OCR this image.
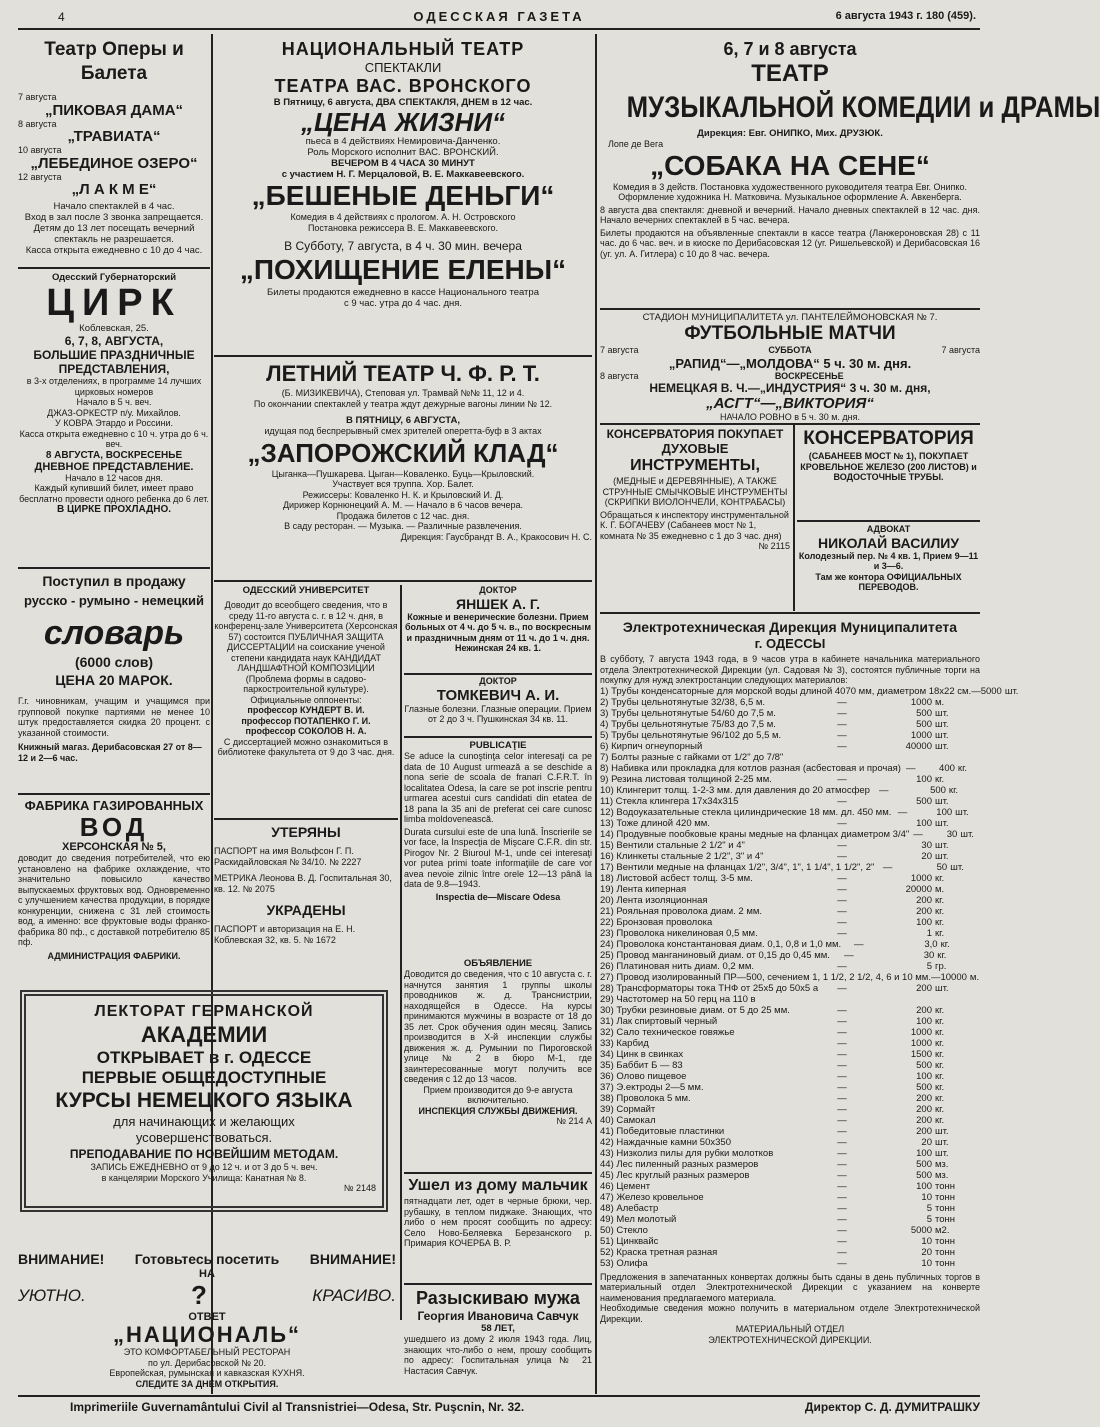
4	ОДЕССКАЯ ГАЗЕТА	6 августа 1943 г. 180 (459).
Театр Оперы и Балета
7 августа
„ПИКОВАЯ ДАМА“
8 августа
„ТРАВИАТА“
10 августа
„ЛЕБЕДИНОЕ ОЗЕРО“
12 августа
„Л А К М Е“
Начало спектаклей в 4 час.
Вход в зал после 3 звонка запрещается.
Детям до 13 лет посещать вечерний спектакль не разрешается.
Касса открыта ежедневно с 10 до 4 час.
Одесский Губернаторский
ЦИРК
Коблевская, 25.
6, 7, 8, АВГУСТА,
БОЛЬШИЕ ПРАЗДНИЧНЫЕ ПРЕДСТАВЛЕНИЯ,
в 3-х отделениях, в программе 14 лучших цирковых номеров
Начало в 5 ч. веч.
ДЖАЗ-ОРКЕСТР п/у. Михайлов.
У КОВРА Этардо и Россини.
Касса открыта ежедневно с 10 ч. утра до 6 ч. веч.
8 АВГУСТА, ВОСКРЕСЕНЬЕ
ДНЕВНОЕ ПРЕДСТАВЛЕНИЕ.
Начало в 12 часов дня.
Каждый купивший билет, имеет право бесплатно провести одного ребенка до 6 лет.
В ЦИРКЕ ПРОХЛАДНО.
Поступил в продажу
русско - румыно - немецкий
словарь
(6000 слов)
ЦЕНА 20 МАРОК.
Г.г. чиновникам, учащим и учащимся при групповой покупке партиями не менее 10 штук предоставляется скидка 20 процент. с указанной стоимости.
Книжный магаз. Дерибасовская 27 от 8—12 и 2—6 час.
ФАБРИКА ГАЗИРОВАННЫХ
ВОД
ХЕРСОНСКАЯ № 5,
доводит до сведения потребителей, что ею установлено на фабрике охлаждение, что значительно повысило качество выпускаемых фруктовых вод. Одновременно с улучшением качества продукции, в порядке конкуренции, снижена с 31 лей стоимость вод, а именно: все фруктовые воды франко-фабрика 80 пф., с доставкой потребителю 85 пф.
АДМИНИСТРАЦИЯ ФАБРИКИ.
НАЦИОНАЛЬНЫЙ ТЕАТР
СПЕКТАКЛИ
ТЕАТРА ВАС. ВРОНСКОГО
В Пятницу, 6 августа, ДВА СПЕКТАКЛЯ, ДНЕМ в 12 час.
„ЦЕНА ЖИЗНИ“
пьеса в 4 действиях Немировича-Данченко.
Роль Морского исполнит ВАС. ВРОНСКИЙ.
ВЕЧЕРОМ В 4 ЧАСА 30 МИНУТ
с участием Н. Г. Мерцаловой, В. Е. Маккавеевского.
„БЕШЕНЫЕ ДЕНЬГИ“
Комедия в 4 действиях с прологом. А. Н. Островского
Постановка режиссера В. Е. Маккавеевского.
В Субботу, 7 августа, в 4 ч. 30 мин. вечера
„ПОХИЩЕНИЕ ЕЛЕНЫ“
Билеты продаются ежедневно в кассе Национального театра
с 9 час. утра до 4 час. дня.
ЛЕТНИЙ ТЕАТР Ч. Ф. Р. Т.
(Б. МИЗИКЕВИЧА), Степовая ул. Трамвай №№ 11, 12 и 4.
По окончании спектаклей у театра ждут дежурные вагоны линии № 12.
В ПЯТНИЦУ, 6 АВГУСТА,
идущая под беспрерывный смех зрителей оперетта-буф в 3 актах
„ЗАПОРОЖСКИЙ КЛАД“
Цыганка—Пушкарева. Цыган—Коваленко. Буць—Крыловский.
Участвует вся труппа. Хор. Балет.
Режиссеры: Коваленко Н. К. и Крыловский И. Д.
Дирижер Корнюнецкий А. М. — Начало в 6 часов вечера.
Продажа билетов с 12 час. дня.
В саду ресторан. — Музыка. — Различные развлечения.
Дирекция: Гаусбрандт В. А., Кракосович Н. С.
ОДЕССКИЙ УНИВЕРСИТЕТ
Доводит до всеобщего сведения, что в среду 11-го августа с. г. в 12 ч. дня, в конференц-зале Университета (Херсонская 57) состоится ПУБЛИЧНАЯ ЗАЩИТА ДИССЕРТАЦИИ на соискание ученой степени кандидата наук КАНДИДАТ ЛАНДШАФТНОЙ КОМПОЗИЦИИ (Проблема формы в садово-паркостроительной культуре). Официальные оппоненты:
профессор КУНДЕРТ В. И.
профессор ПОТАПЕНКО Г. И.
профессор СОКОЛОВ Н. А.
С диссертацией можно ознакомиться в библиотеке факультета от 9 до 3 час. дня.
УТЕРЯНЫ
ПАСПОРТ на имя Вольфсон Г. П. Раскидайловская № 34/10. № 2227
МЕТРИКА Леонова В. Д. Госпитальная 30, кв. 12. № 2075
УКРАДЕНЫ
ПАСПОРТ и авторизация на Е. Н. Коблевская 32, кв. 5. № 1672
ДОКТОР
ЯНШЕК А. Г.
Кожные и венерические болезни. Прием больных от 4 ч. до 5 ч. в., по воскресным и праздничным дням от 11 ч. до 1 ч. дня. Нежинская 24 кв. 1.
ДОКТОР
ТОМКЕВИЧ А. И.
Глазные болезни. Глазные операции. Прием от 2 до 3 ч. Пушкинская 34 кв. 11.
PUBLICAŢIE
Se aduce la cunoştinţa celor interesaţi ca pe data de 10 August urmează a se deschide a nona serie de scoala de franari C.F.R.T. în localitatea Odesa, la care se pot inscrie pentru urmarea acestui curs candidati din etatea de 18 pana la 35 ani de preferat cei care cunosc limba moldovenească.
Durata cursului este de una lună. Înscrierile se vor face, la Inspecţia de Mişcare C.F.R. din str. Pirogov Nr. 2 Biuroul M-1, unde cei interesaţi vor putea primi toate informaţiile de care vor avea nevoie zilnic între orele 12—13 până la data de 9.8—1943.
Inspectia de—Miscare Odesa
ОБЪЯВЛЕНИЕ
Доводится до сведения, что с 10 августа с. г. начнутся занятия 1 группы школы проводников ж. д. Транснистрии, находящейся в Одессе. На курсы принимаются мужчины в возрасте от 18 до 35 лет. Срок обучения один месяц. Запись производится в Х-й инспекции службы движения ж. д. Румынии по Пироговской улице № 2 в бюро М-1, где заинтересованные могут получить все сведения с 12 до 13 часов.
Прием производится до 9-е августа включительно.
ИНСПЕКЦИЯ СЛУЖБЫ ДВИЖЕНИЯ.
№ 214 А
Ушел из дому мальчик
пятнадцати лет, одет в черные брюки, чер. рубашку, в теплом пиджаке. Знающих, что либо о нем просят сообщить по адресу: Село Ново-Беляевка Березанского р. Примария КОЧЕРБА В. Р.
Разыскиваю мужа
Георгия Ивановича Савчук
58 ЛЕТ,
ушедшего из дому 2 июля 1943 года. Лиц, знающих что-либо о нем, прошу сообщить по адресу: Госпитальная улица № 21 Настасия Савчук.
ЛЕКТОРАТ ГЕРМАНСКОЙ
АКАДЕМИИ
ОТКРЫВАЕТ в г. ОДЕССЕ
ПЕРВЫЕ ОБЩЕДОСТУПНЫЕ
КУРСЫ НЕМЕЦКОГО ЯЗЫКА
для начинающих и желающих
усовершенствоваться.
ПРЕПОДАВАНИЕ ПО НОВЕЙШИМ МЕТОДАМ.
ЗАПИСЬ ЕЖЕДНЕВНО от 9 до 12 ч. и от 3 до 5 ч. веч.
в канцелярии Морского Училища: Канатная № 8.
№ 2148
ВНИМАНИЕ! Готовьтесь посетить ВНИМАНИЕ!
НА
УЮТНО.	?	КРАСИВО.
ОТВЕТ
„НАЦИОНАЛЬ“
ЭТО КОМФОРТАБЕЛЬНЫЙ РЕСТОРАН
по ул. Дерибасовской № 20.
Европейская, румынская и кавказская КУХНЯ.
СЛЕДИТЕ ЗА ДНЕМ ОТКРЫТИЯ.
6, 7 и 8 августа
ТЕАТР
МУЗЫКАЛЬНОЙ КОМЕДИИ и ДРАМЫ
Дирекция: Евг. ОНИПКО, Мих. ДРУЗЮК.
Лопе де Вега
„СОБАКА НА СЕНЕ“
Комедия в 3 действ. Постановка художественного руководителя театра Евг. Онипко. Оформление художника Н. Матковича. Музыкальное оформление А. Авкенберга.
8 августа два спектакля: дневной и вечерний. Начало дневных спектаклей в 12 час. дня. Начало вечерних спектаклей в 5 час. вечера.
Билеты продаются на объявленные спектакли в кассе театра (Ланжероновская 28) с 11 час. до 6 час. веч. и в киоске по Дерибасовская 12 (уг. Ришельевской) и Дерибасовская 16 (уг. ул. А. Гитлера) с 10 до 8 час. вечера.
СТАДИОН МУНИЦИПАЛИТЕТА ул. ПАНТЕЛЕЙМОНОВСКАЯ № 7.
ФУТБОЛЬНЫЕ МАТЧИ
7 августа	СУББОТА	7 августа
„РАПИД“—„МОЛДОВА“ 5 ч. 30 м. дня.
8 августа	ВОСКРЕСЕНЬЕ
НЕМЕЦКАЯ В. Ч.—„ИНДУСТРИЯ“ 3 ч. 30 м. дня,
„АСГТ“—„ВИКТОРИЯ“
НАЧАЛО РОВНО в 5 ч. 30 м. дня.
КОНСЕРВАТОРИЯ ПОКУПАЕТ
ДУХОВЫЕ
ИНСТРУМЕНТЫ,
(МЕДНЫЕ и ДЕРЕВЯННЫЕ), А ТАКЖЕ СТРУННЫЕ СМЫЧКОВЫЕ ИНСТРУМЕНТЫ (СКРИПКИ ВИОЛОНЧЕЛИ, КОНТРАБАСЫ)
Обращаться к инспектору инструментальной К. Г. БОГАЧЕВУ (Сабанеев мост № 1, комната № 35 ежедневно с 1 до 3 час. дня)
№ 2115
КОНСЕРВАТОРИЯ
(САБАНЕЕВ МОСТ № 1), ПОКУПАЕТ КРОВЕЛЬНОЕ ЖЕЛЕЗО (200 ЛИСТОВ) и ВОДОСТОЧНЫЕ ТРУБЫ.
АДВОКАТ
НИКОЛАЙ ВАСИЛИУ
Колодезный пер. № 4 кв. 1, Прием 9—11 и 3—6.
Там же контора ОФИЦИАЛЬНЫХ ПЕРЕВОДОВ.
Электротехническая Дирекция Муниципалитета
г. ОДЕССЫ
В субботу, 7 августа 1943 года, в 9 часов утра в кабинете начальника материального отдела Электротехнической Дирекции (ул. Садовая № 3), состоятся публичные торги на покупку для нужд электростанции следующих материалов:
1) Трубы конденсаторные для морской воды длиной 4070 мм, диаметром 18х22 см. — 5000 шт.
2) Трубы цельнотянутые 32/38, 6,5 м.	—	1000 м.
3) Трубы цельнотянутые 54/60 до 7,5 м.	—	500 шт.
4) Трубы цельнотянутые 75/83 до 7,5 м.	—	500 шт.
5) Трубы цельнотянутые 96/102 до 5,5 м.	—	1000 шт.
6) Кирпич огнеупорный	—	40000 шт.
7) Болты разные с гайками от 1/2" до 7/8"
8) Набивка или прокладка для котлов разная (асбестовая и прочая) —	400 кг.
9) Резина листовая толщиной 2-25 мм.	—	100 кг.
10) Клингерит толщ. 1-2-3 мм. для давления до 20 атмосфер —	500 кг.
11) Стекла клингера 17х34х315	—	500 шт.
12) Водоуказательные стекла цилиндрические 18 мм. дл. 450 мм. —	100 шт.
13) Тоже длиной 420 мм.	—	100 шт.
14) Продувные пообковые краны медные на фланцах диаметром 3/4" —	30 шт.
15) Вентили стальные 2 1/2" и 4"	—	30 шт.
16) Клинкеты стальные 2 1/2", 3" и 4"	—	20 шт.
17) Вентили медные на фланцах 1/2", 3/4", 1", 1 1/4", 1 1/2", 2" —	50 шт.
18) Листовой асбест толщ. 3-5 мм.	—	1000 кг.
19) Лента киперная	—	20000 м.
20) Лента изоляционная	—	200 кг.
21) Рояльная проволока диам. 2 мм.	—	200 кг.
22) Бронзовая проволока	—	100 кг.
23) Проволока никелиновая 0,5 мм.	—	1 кг.
24) Проволока константановая диам. 0,1, 0,8 и 1,0 мм.	—	3,0 кг.
25) Провод манганиновый диам. от 0,15 до 0,45 мм.	—	30 кг.
26) Платиновая нить диам. 0,2 мм.	—	5 гр.
27) Провод изолированный ПР—500, сечением 1, 1 1/2, 2 1/2, 4, 6 и 10 мм. — 10000 м.
28) Трансформаторы тока ТНФ от 25х5 до 50х5 а	—	200 шт.
29) Частотомер на 50 герц на 110 в
30) Трубки резиновые диам. от 5 до 25 мм.	—	200 кг.
31) Лак спиртовый черный	—	100 кг.
32) Сало техническое говяжье	—	1000 кг.
33) Карбид	—	1000 кг.
34) Цинк в свинках	—	1500 кг.
35) Баббит Б — 83	—	500 кг.
36) Олово пищевое	—	100 кг.
37) Э.ектроды 2—5 мм.	—	500 кг.
38) Проволока 5 мм.	—	200 кг.
39) Сормайт	—	200 кг.
40) Самокал	—	200 кг.
41) Победитовые пластинки	—	200 шт.
42) Наждачные камни 50х350	—	20 шт.
43) Низколиз пилы для рубки молотков	—	100 шт.
44) Лес пиленный разных размеров	—	500 мз.
45) Лес круглый разных размеров	—	500 мз.
46) Цемент	—	100 тонн
47) Железо кровельное	—	10 тонн
48) Алебастр	—	5 тонн
49) Мел молотый	—	5 тонн
50) Стекло	—	5000 м2.
51) Цинквайс	—	10 тонн
52) Краска третная разная	—	20 тонн
53) Олифа	—	10 тонн
Предложения в запечатанных конвертах должны быть сданы в день публичных торгов в материальный отдел Электротехнической Дирекции с указанием на конверте наименования предлагаемого материала.
Необходимые сведения можно получить в материальном отделе Электротехнической Дирекции.
МАТЕРИАЛЬНЫЙ ОТДЕЛ
ЭЛЕКТРОТЕХНИЧЕСКОЙ ДИРЕКЦИИ.
Imprimeriile Guvernamântului Civil al Transnistriei—Odesa, Str. Puşcnin, Nr. 32.	Директор С. Д. ДУМИТРАШКУ
